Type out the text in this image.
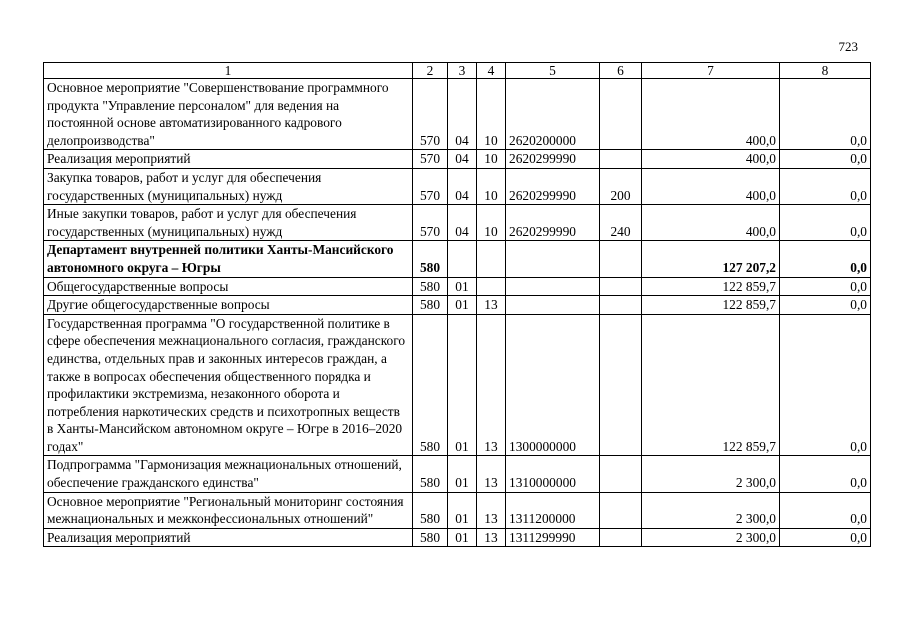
723
1	2	3	4	5	6	7	8
Основное мероприятие "Совершенствование программного продукта "Управление персоналом" для ведения на постоянной основе автоматизированного кадрового делопроизводства"	570	04	10	2620200000		400,0	0,0
Реализация мероприятий	570	04	10	2620299990		400,0	0,0
Закупка товаров, работ и услуг для обеспечения государственных (муниципальных) нужд	570	04	10	2620299990	200	400,0	0,0
Иные закупки товаров, работ и услуг для обеспечения государственных (муниципальных) нужд	570	04	10	2620299990	240	400,0	0,0
Департамент внутренней политики Ханты-Мансийского автономного округа – Югры	580					127 207,2	0,0
Общегосударственные вопросы	580	01				122 859,7	0,0
Другие общегосударственные вопросы	580	01	13			122 859,7	0,0
Государственная программа "О государственной политике в сфере обеспечения межнационального согласия, гражданского единства, отдельных прав и законных интересов граждан, а также в вопросах обеспечения общественного порядка и профилактики экстремизма, незаконного оборота и потребления наркотических средств и психотропных веществ в Ханты-Мансийском автономном округе – Югре в 2016–2020 годах"	580	01	13	1300000000		122 859,7	0,0
Подпрограмма "Гармонизация межнациональных отношений, обеспечение гражданского единства"	580	01	13	1310000000		2 300,0	0,0
Основное мероприятие "Региональный мониторинг состояния межнациональных и межконфессиональных отношений"	580	01	13	1311200000		2 300,0	0,0
Реализация мероприятий	580	01	13	1311299990		2 300,0	0,0
